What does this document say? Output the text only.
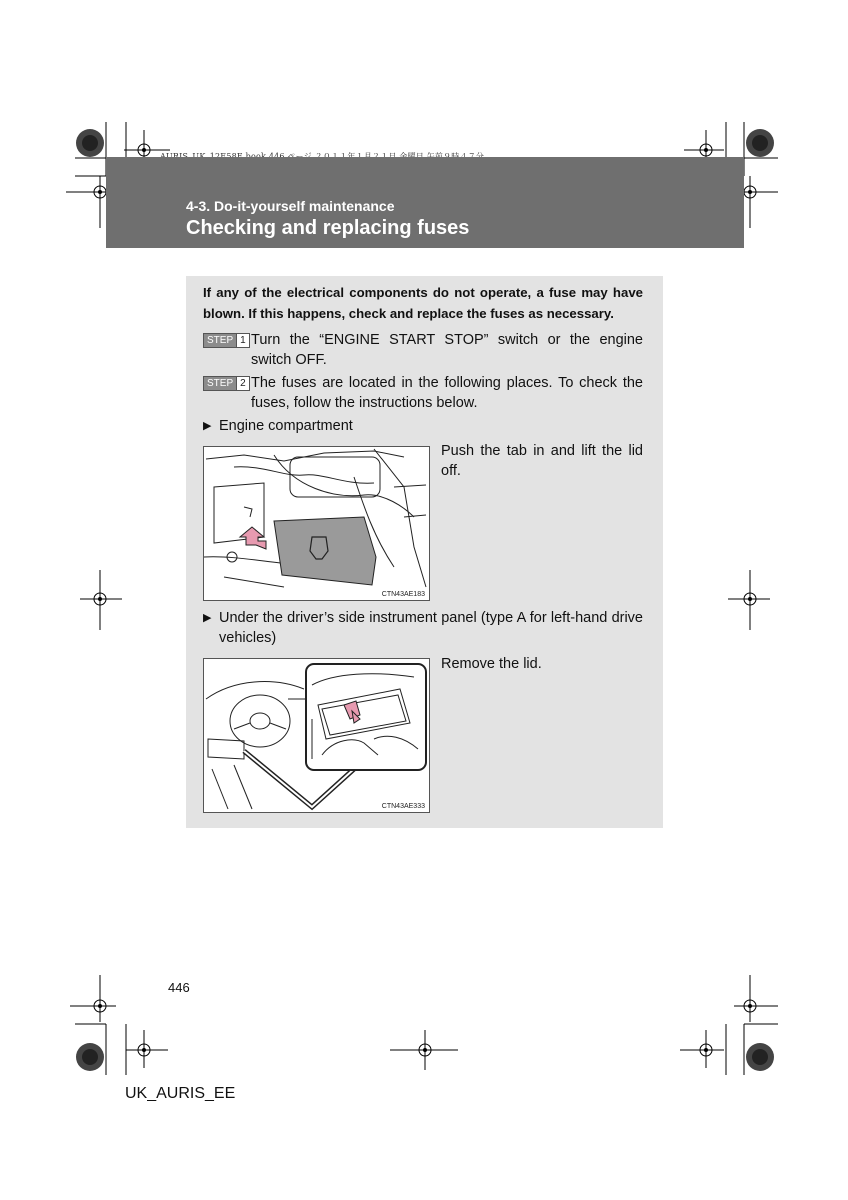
4-3. Do-it-yourself maintenance
Checking and replacing fuses
If any of the electrical components do not operate, a fuse may have blown. If this happens, check and replace the fuses as necessary.
STEP 1 Turn the “ENGINE START STOP” switch or the engine switch OFF.
STEP 2 The fuses are located in the following places. To check the fuses, follow the instructions below.
▶ Engine compartment
CTN43AE183
Push the tab in and lift the lid off.
▶ Under the driver’s side instrument panel (type A for left-hand drive vehicles)
CTN43AE333
Remove the lid.
446
UK_AURIS_EE
